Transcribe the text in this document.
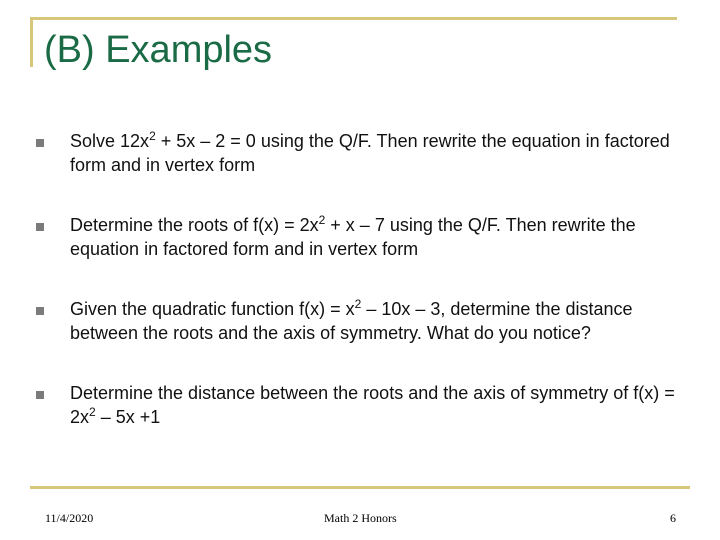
(B) Examples
Solve $12x^2 + 5x - 2 = 0$ using the Q/F. Then rewrite the equation in factored form and in vertex form
Determine the roots of $f(x) = 2x^2 + x - 7$ using the Q/F. Then rewrite the equation in factored form and in vertex form
Given the quadratic function $f(x) = x^2 - 10x - 3$, determine the distance between the roots and the axis of symmetry. What do you notice?
Determine the distance between the roots and the axis of symmetry of $f(x) = 2x^2 - 5x +1$
11/4/2020	Math 2 Honors	6
